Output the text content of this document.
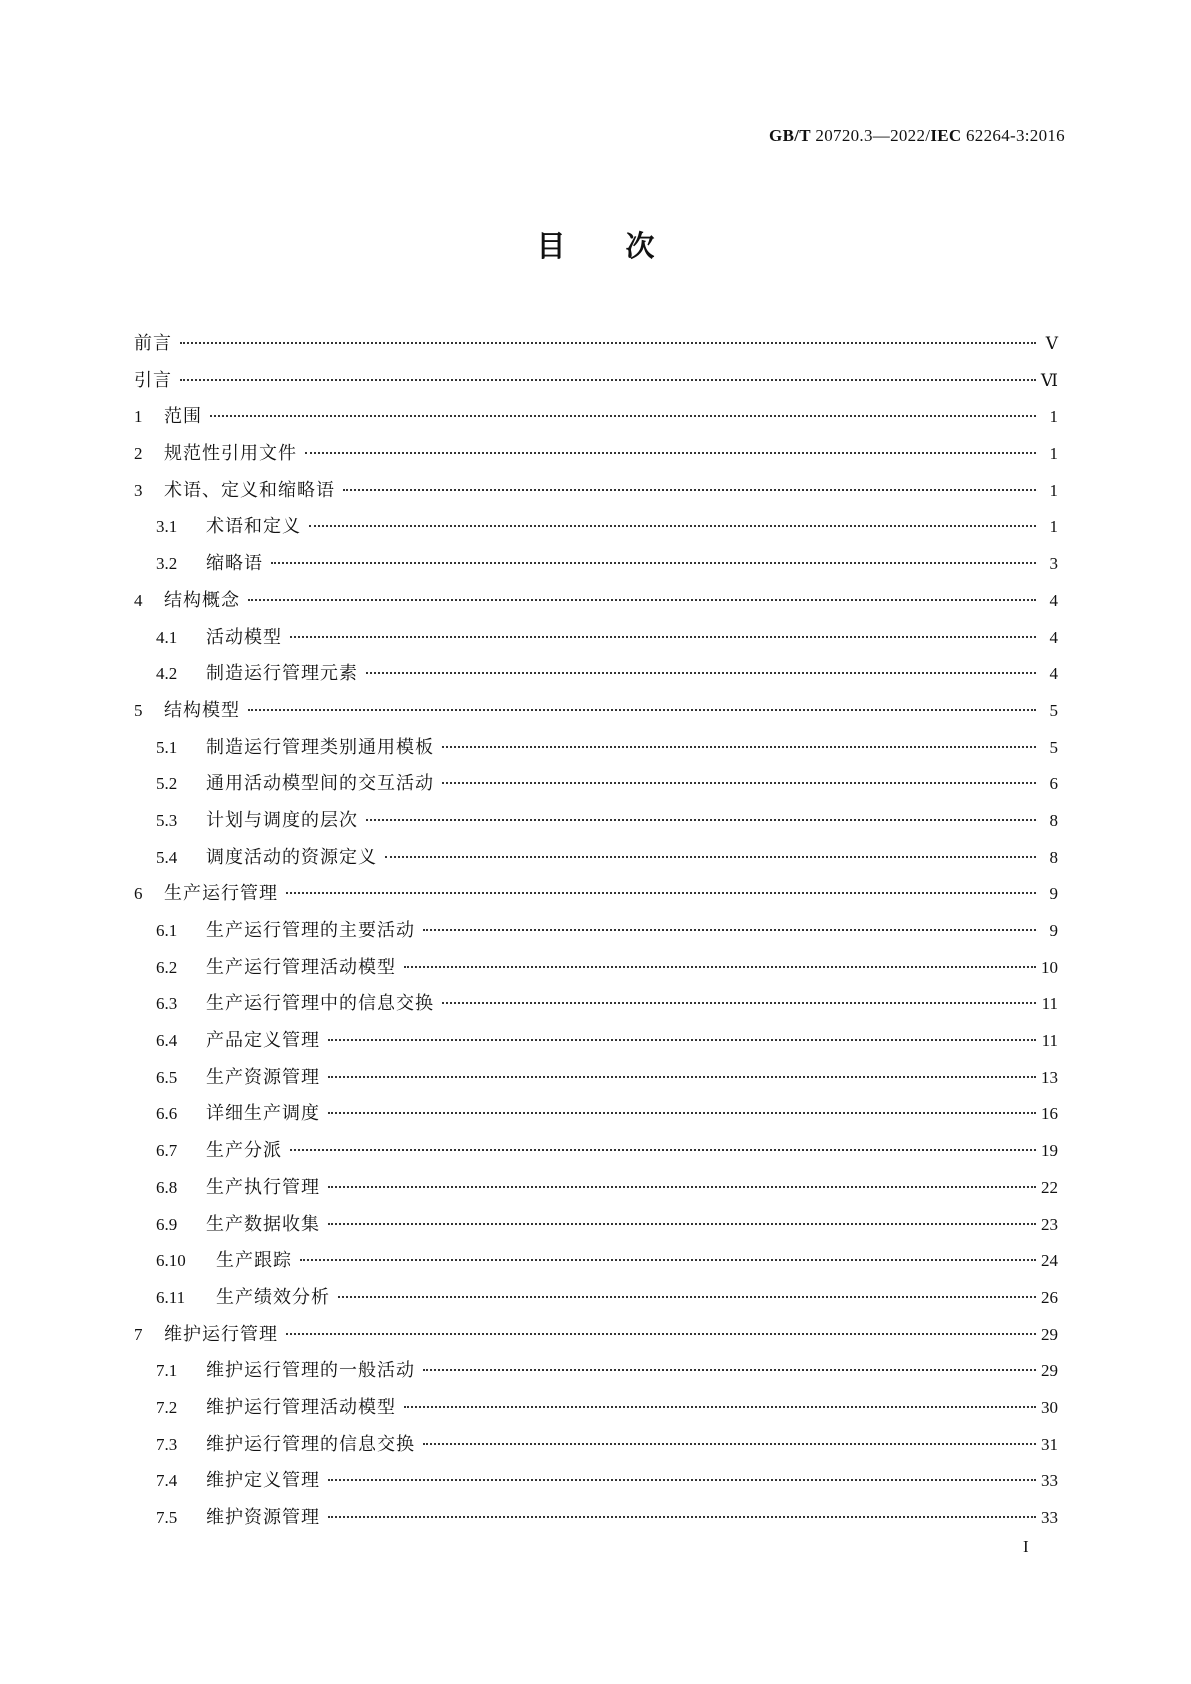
GB/T 20720.3—2022/IEC 62264-3:2016
目次
前言	Ⅴ
引言	Ⅵ
1	范围	1
2	规范性引用文件	1
3	术语、定义和缩略语	1
3.1	术语和定义	1
3.2	缩略语	3
4	结构概念	4
4.1	活动模型	4
4.2	制造运行管理元素	4
5	结构模型	5
5.1	制造运行管理类别通用模板	5
5.2	通用活动模型间的交互活动	6
5.3	计划与调度的层次	8
5.4	调度活动的资源定义	8
6	生产运行管理	9
6.1	生产运行管理的主要活动	9
6.2	生产运行管理活动模型	10
6.3	生产运行管理中的信息交换	11
6.4	产品定义管理	11
6.5	生产资源管理	13
6.6	详细生产调度	16
6.7	生产分派	19
6.8	生产执行管理	22
6.9	生产数据收集	23
6.10	生产跟踪	24
6.11	生产绩效分析	26
7	维护运行管理	29
7.1	维护运行管理的一般活动	29
7.2	维护运行管理活动模型	30
7.3	维护运行管理的信息交换	31
7.4	维护定义管理	33
7.5	维护资源管理	33
I
